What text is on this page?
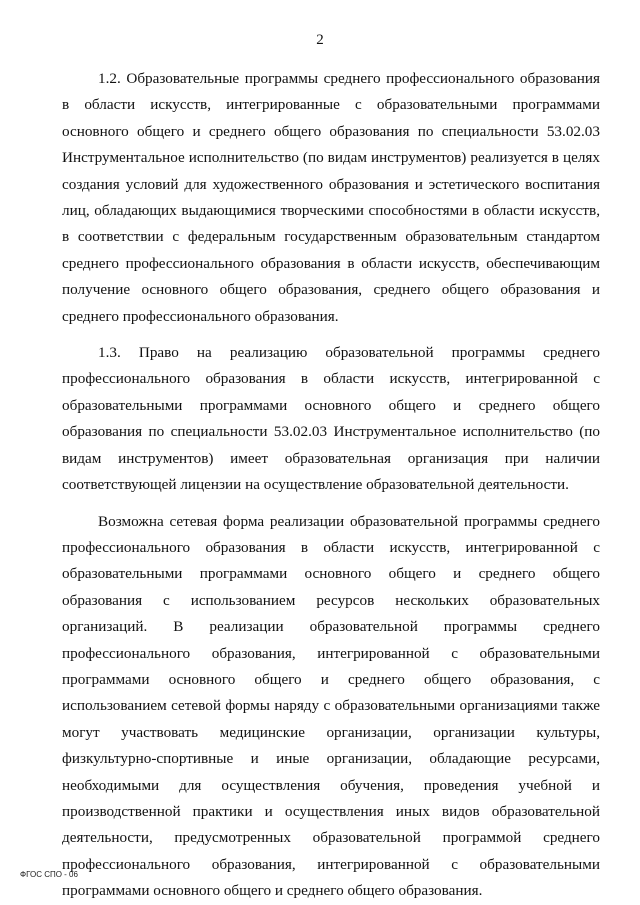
2

1.2. Образовательные программы среднего профессионального образования в области искусств, интегрированные с образовательными программами основного общего и среднего общего образования по специальности 53.02.03 Инструментальное исполнительство (по видам инструментов) реализуется в целях создания условий для художественного образования и эстетического воспитания лиц, обладающих выдающимися творческими способностями в области искусств, в соответствии с федеральным государственным образовательным стандартом среднего профессионального образования в области искусств, обеспечивающим получение основного общего образования, среднего общего образования и среднего профессионального образования.

1.3. Право на реализацию образовательной программы среднего профессионального образования в области искусств, интегрированной с образовательными программами основного общего и среднего общего образования по специальности 53.02.03 Инструментальное исполнительство (по видам инструментов) имеет образовательная организация при наличии соответствующей лицензии на осуществление образовательной деятельности.

Возможна сетевая форма реализации образовательной программы среднего профессионального образования в области искусств, интегрированной с образовательными программами основного общего и среднего общего образования с использованием ресурсов нескольких образовательных организаций. В реализации образовательной программы среднего профессионального образования, интегрированной с образовательными программами основного общего и среднего общего образования, с использованием сетевой формы наряду с образовательными организациями также могут участвовать медицинские организации, организации культуры, физкультурно-спортивные и иные организации, обладающие ресурсами, необходимыми для осуществления обучения, проведения учебной и производственной практики и осуществления иных видов образовательной деятельности, предусмотренных образовательной программой среднего профессионального образования, интегрированной с образовательными программами основного общего и среднего общего образования.

ФГОС СПО - 06
